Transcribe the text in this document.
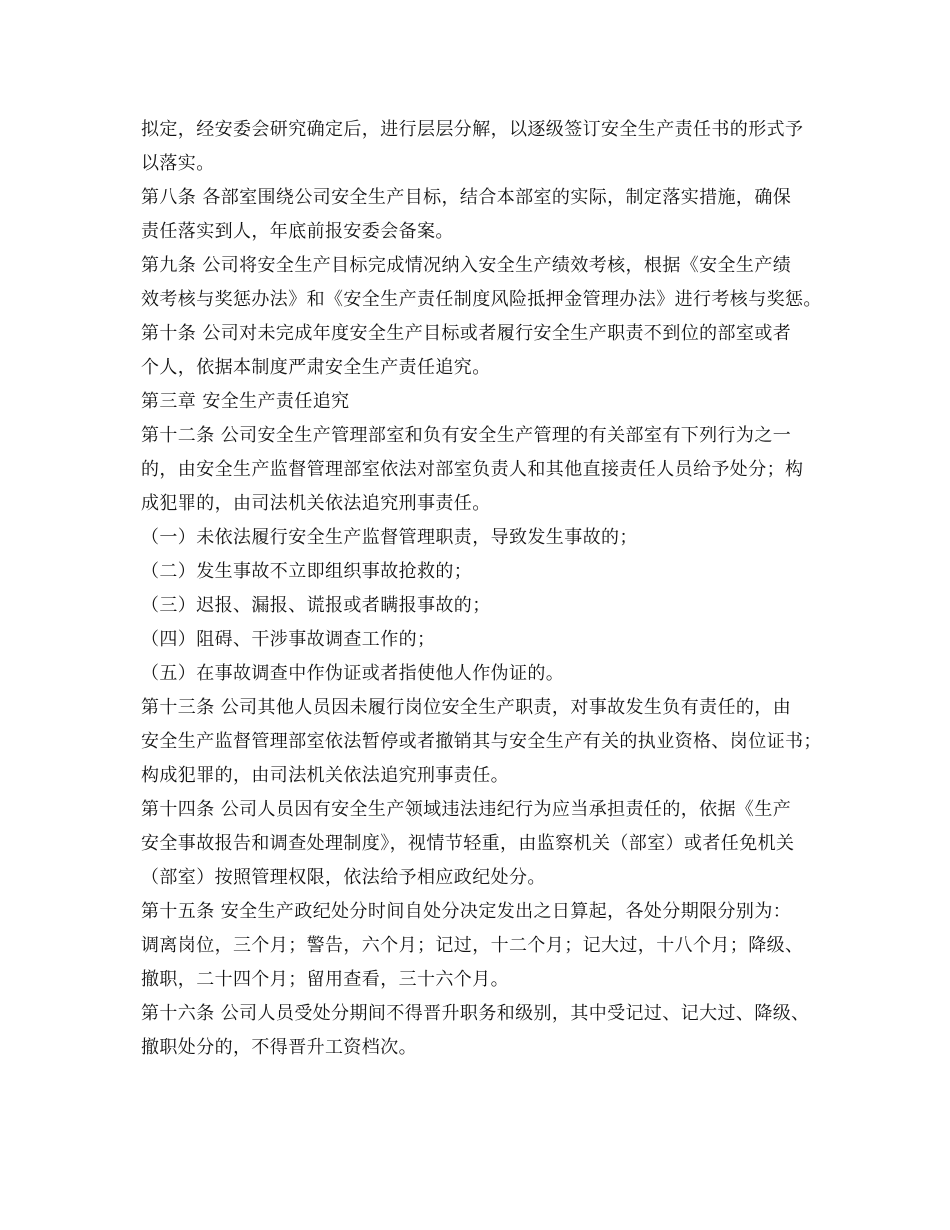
拟定，经安委会研究确定后，进行层层分解，以逐级签订安全生产责任书的形式予
以落实。
第八条 各部室围绕公司安全生产目标，结合本部室的实际，制定落实措施，确保
责任落实到人，年底前报安委会备案。
第九条 公司将安全生产目标完成情况纳入安全生产绩效考核，根据《安全生产绩
效考核与奖惩办法》和《安全生产责任制度风险抵押金管理办法》进行考核与奖惩。
第十条 公司对未完成年度安全生产目标或者履行安全生产职责不到位的部室或者
个人，依据本制度严肃安全生产责任追究。
第三章 安全生产责任追究
第十二条 公司安全生产管理部室和负有安全生产管理的有关部室有下列行为之一
的，由安全生产监督管理部室依法对部室负责人和其他直接责任人员给予处分；构
成犯罪的，由司法机关依法追究刑事责任。
（一）未依法履行安全生产监督管理职责，导致发生事故的；
（二）发生事故不立即组织事故抢救的；
（三）迟报、漏报、谎报或者瞒报事故的；
（四）阻碍、干涉事故调查工作的；
（五）在事故调查中作伪证或者指使他人作伪证的。
第十三条 公司其他人员因未履行岗位安全生产职责，对事故发生负有责任的，由
安全生产监督管理部室依法暂停或者撤销其与安全生产有关的执业资格、岗位证书；
构成犯罪的，由司法机关依法追究刑事责任。
第十四条 公司人员因有安全生产领域违法违纪行为应当承担责任的，依据《生产
安全事故报告和调查处理制度》，视情节轻重，由监察机关（部室）或者任免机关
（部室）按照管理权限，依法给予相应政纪处分。
第十五条 安全生产政纪处分时间自处分决定发出之日算起，各处分期限分别为：
调离岗位，三个月；警告，六个月；记过，十二个月；记大过，十八个月；降级、
撤职，二十四个月；留用查看，三十六个月。
第十六条 公司人员受处分期间不得晋升职务和级别，其中受记过、记大过、降级、
撤职处分的，不得晋升工资档次。
